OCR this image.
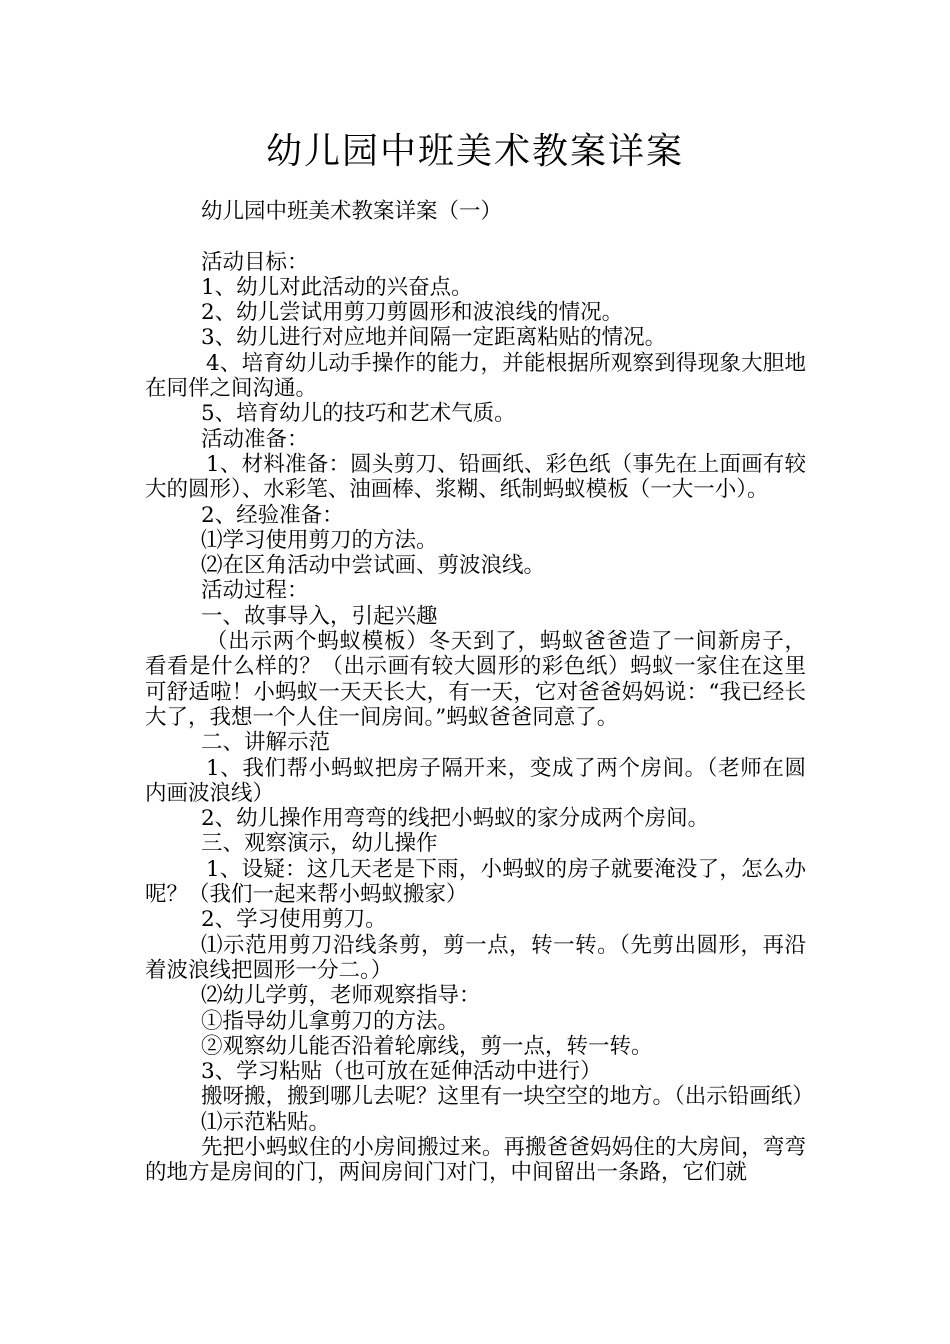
幼儿园中班美术教案详案

幼儿园中班美术教案详案（一）

活动目标：

1、幼儿对此活动的兴奋点。

2、幼儿尝试用剪刀剪圆形和波浪线的情况。

3、幼儿进行对应地并间隔一定距离粘贴的情况。

4、培育幼儿动手操作的能力，并能根据所观察到得现象大胆地在同伴之间沟通。

5、培育幼儿的技巧和艺术气质。

活动准备：

1、材料准备：圆头剪刀、铅画纸、彩色纸（事先在上面画有较大的圆形）、水彩笔、油画棒、浆糊、纸制蚂蚁模板（一大一小）。

2、经验准备：

⑴学习使用剪刀的方法。

⑵在区角活动中尝试画、剪波浪线。

活动过程：

一、故事导入，引起兴趣

（出示两个蚂蚁模板）冬天到了，蚂蚁爸爸造了一间新房子，看看是什么样的？（出示画有较大圆形的彩色纸）蚂蚁一家住在这里可舒适啦！小蚂蚁一天天长大，有一天，它对爸爸妈妈说：“我已经长大了，我想一个人住一间房间。”蚂蚁爸爸同意了。

二、讲解示范

1、我们帮小蚂蚁把房子隔开来，变成了两个房间。（老师在圆内画波浪线）

2、幼儿操作用弯弯的线把小蚂蚁的家分成两个房间。

三、观察演示，幼儿操作

1、设疑：这几天老是下雨，小蚂蚁的房子就要淹没了，怎么办呢？（我们一起来帮小蚂蚁搬家）

2、学习使用剪刀。

⑴示范用剪刀沿线条剪，剪一点，转一转。（先剪出圆形，再沿着波浪线把圆形一分二。）

⑵幼儿学剪，老师观察指导：

①指导幼儿拿剪刀的方法。

②观察幼儿能否沿着轮廓线，剪一点，转一转。

3、学习粘贴（也可放在延伸活动中进行）

搬呀搬，搬到哪儿去呢？这里有一块空空的地方。（出示铅画纸）

⑴示范粘贴。

先把小蚂蚁住的小房间搬过来。再搬爸爸妈妈住的大房间，弯弯的地方是房间的门，两间房间门对门，中间留出一条路，它们就
